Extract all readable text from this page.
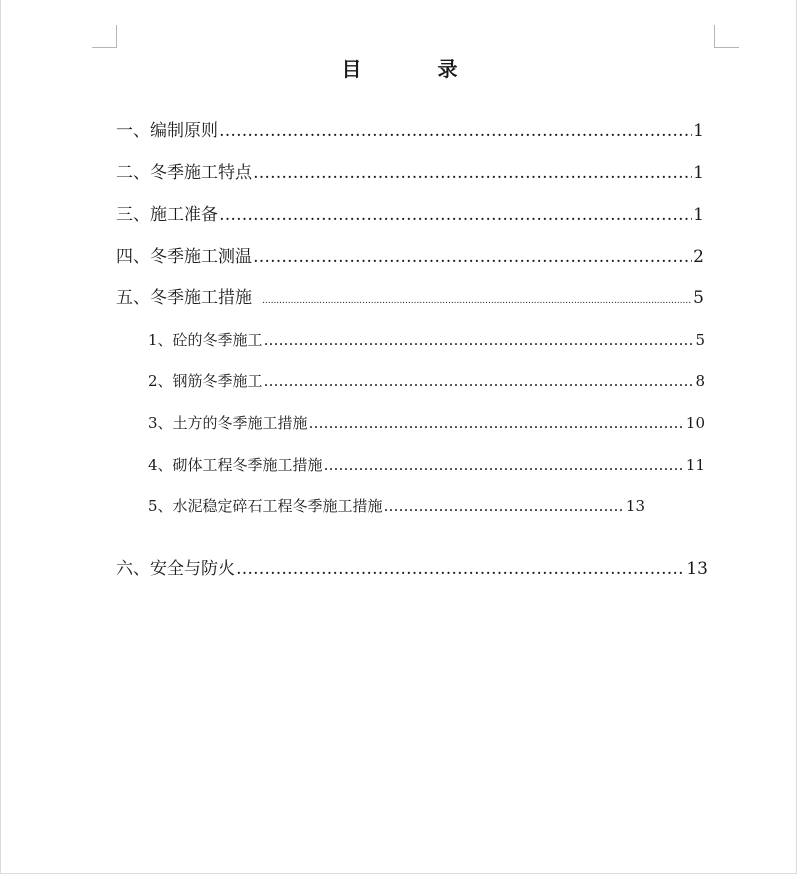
目	录
一、编制原则 …………………………………………………………………………………………………………………………………………………………………………………………………………	1
二、冬季施工特点 …………………………………………………………………………………………………………………………………………………………………………………………………………	1
三、施工准备 …………………………………………………………………………………………………………………………………………………………………………………………………………	1
四、冬季施工测温 …………………………………………………………………………………………………………………………………………………………………………………………………………	2
五、冬季施工措施 .....	5
1、砼的冬季施工 …………………………………………………………………………………………………………………………………………………………………………………………………………	5
2、钢筋冬季施工 …………………………………………………………………………………………………………………………………………………………………………………………………………	8
3、土方的冬季施工措施 …………………………………………………………………………………………………………………………………………………………………………………………………………	10
4、砌体工程冬季施工措施 …………………………………………………………………………………………………………………………………………………………………………………………………………	11
5、水泥稳定碎石工程冬季施工措施 …………………………………………………………………………………………………………………………………………………………………………………………………………	13
六、安全与防火 …………………………………………………………………………………………………………………………………………………………………………………………………………	13
